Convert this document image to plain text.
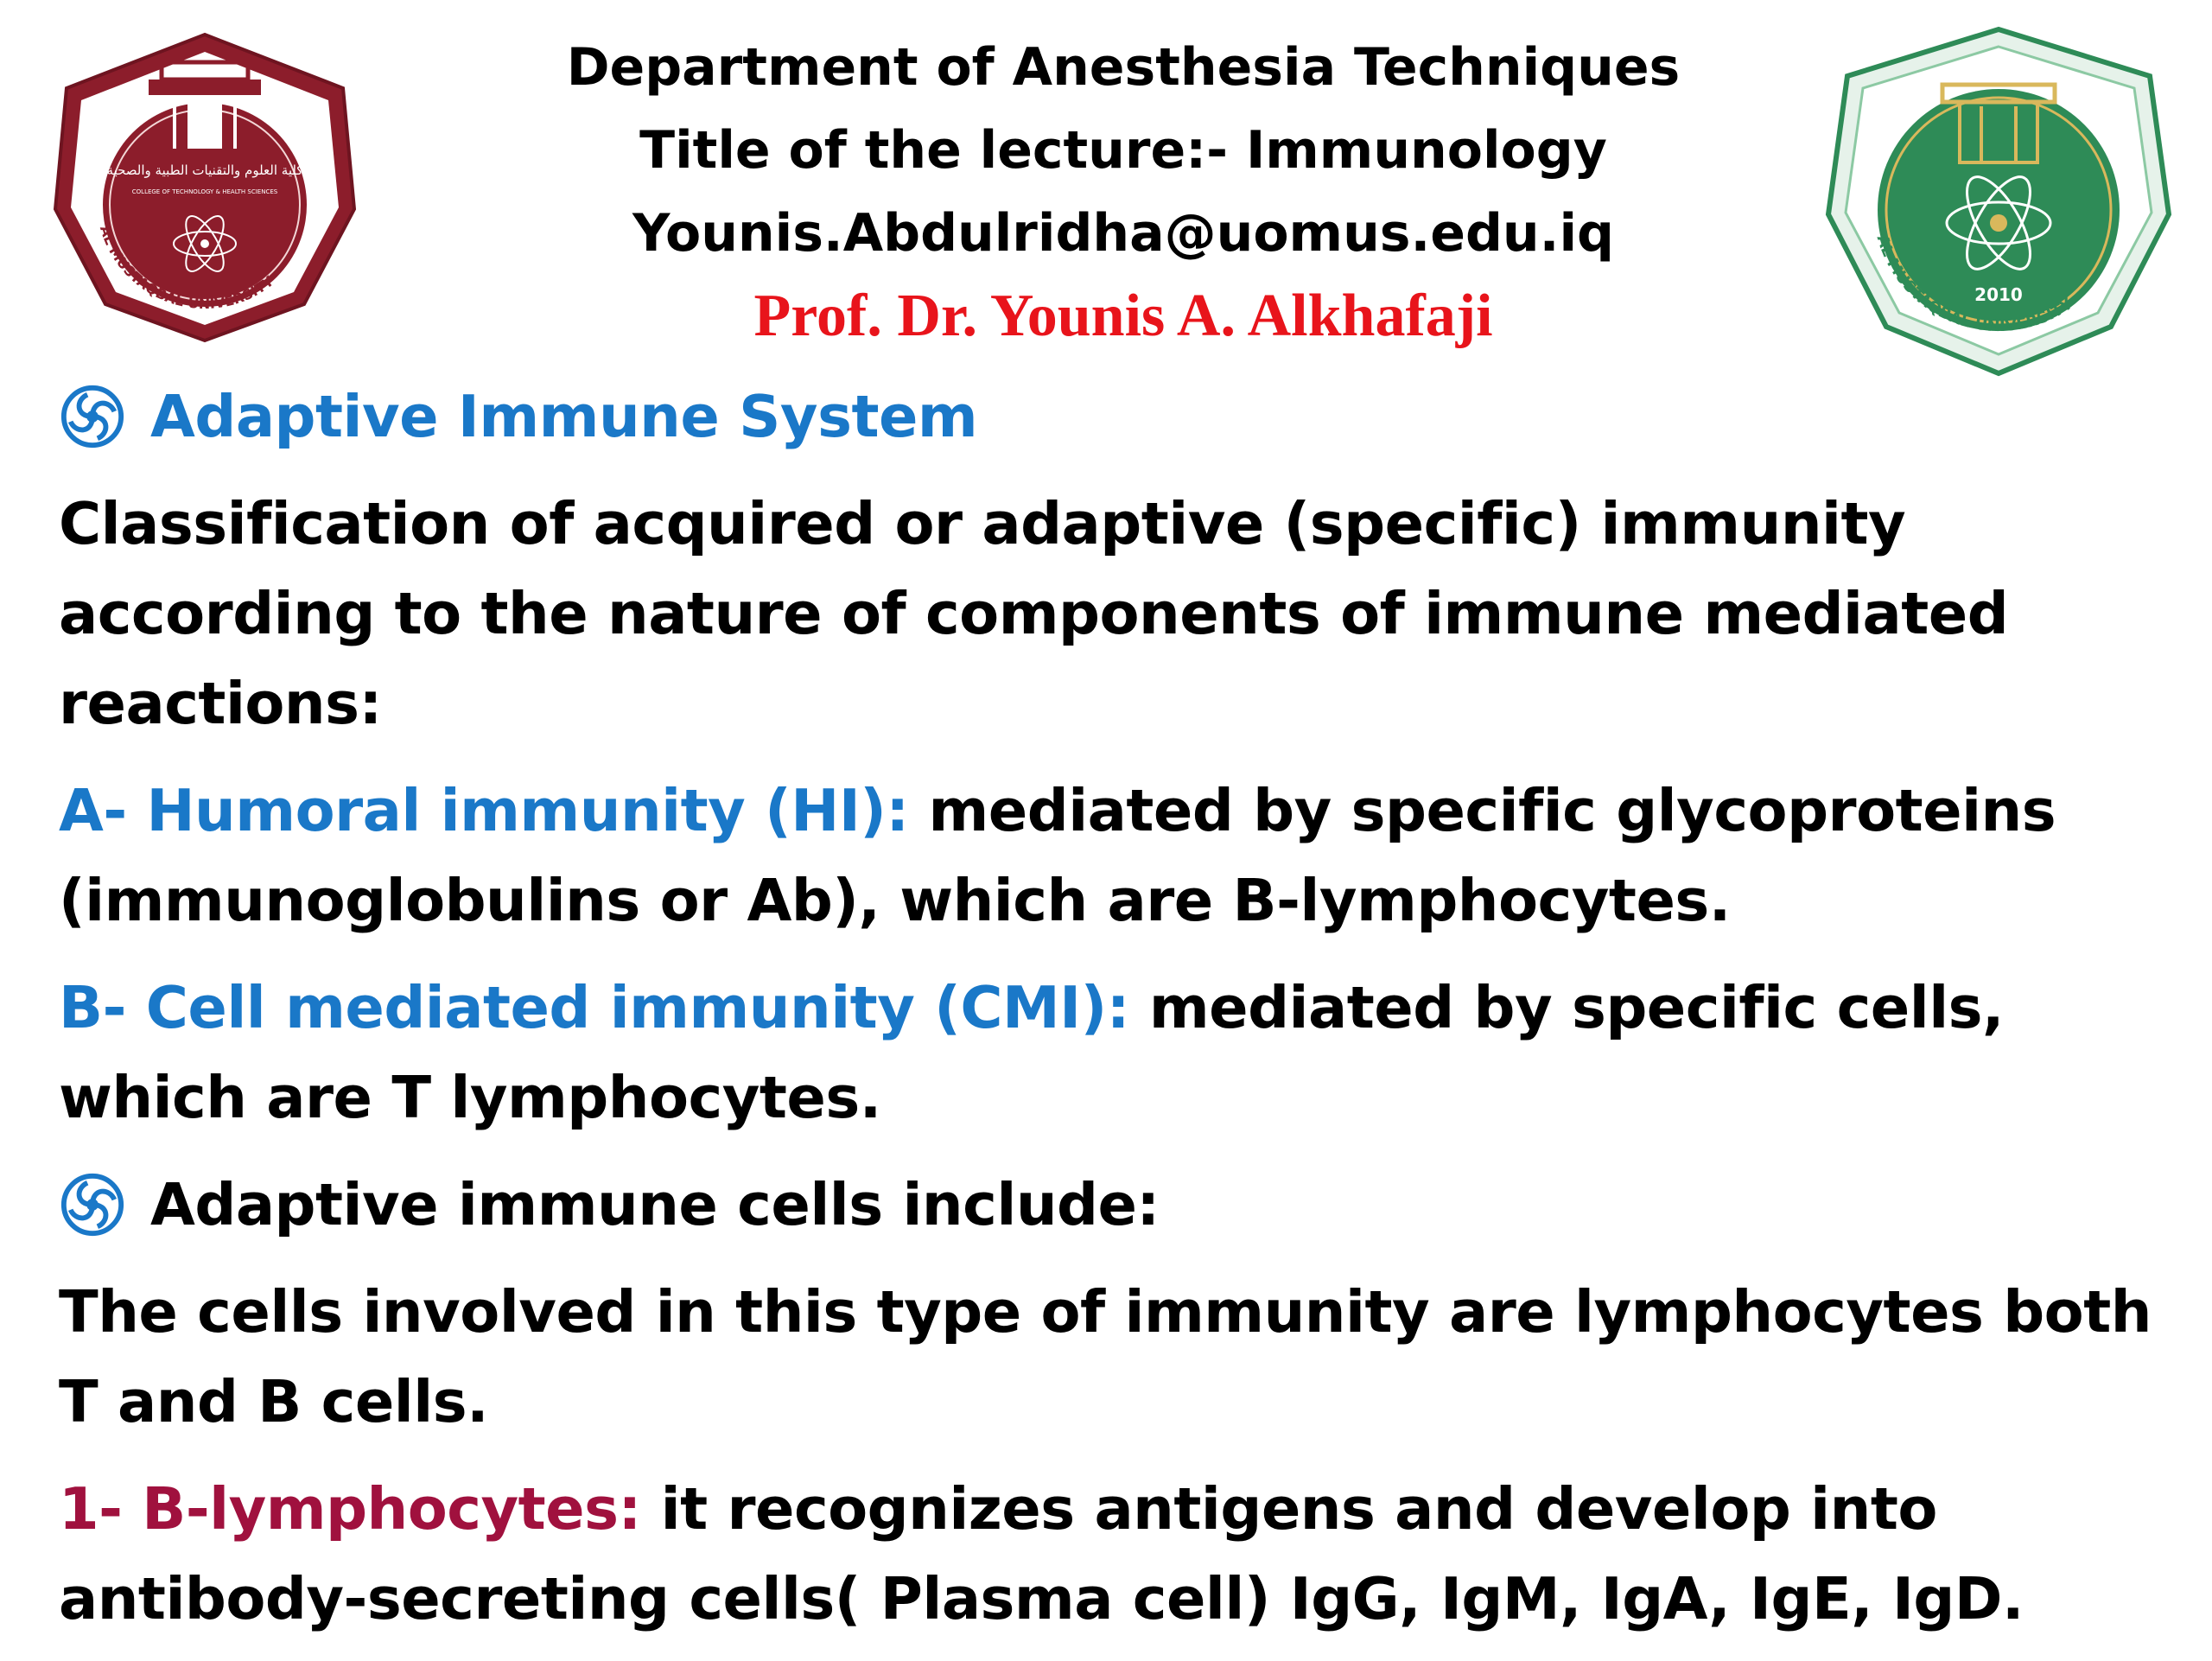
كلية العلوم والتقنيات الطبية والصحية
COLLEGE OF TECHNOLOGY & HEALTH SCIENCES
AL MUSTAQBAL UNIVERSITY
Department of Anesthesia Techniques
Title of the lecture:- Immunology
Younis.Abdulridha@uomus.edu.iq
Prof. Dr. Younis A. Alkhafaji	2010
AL MUSTAQBAL UNIVERSITY
Adaptive Immune System

Classification of acquired or adaptive (specific) immunity according to the nature of components of immune mediated reactions:

A- Humoral immunity (HI): mediated by specific glycoproteins (immunoglobulins or Ab), which are B-lymphocytes.

B- Cell mediated immunity (CMI): mediated by specific cells, which are T lymphocytes.

Adaptive immune cells include:

The cells involved in this type of immunity are lymphocytes both T and B cells.

1- B-lymphocytes: it recognizes antigens and develop into antibody-secreting cells( Plasma cell) IgG, IgM, IgA, IgE, IgD.
